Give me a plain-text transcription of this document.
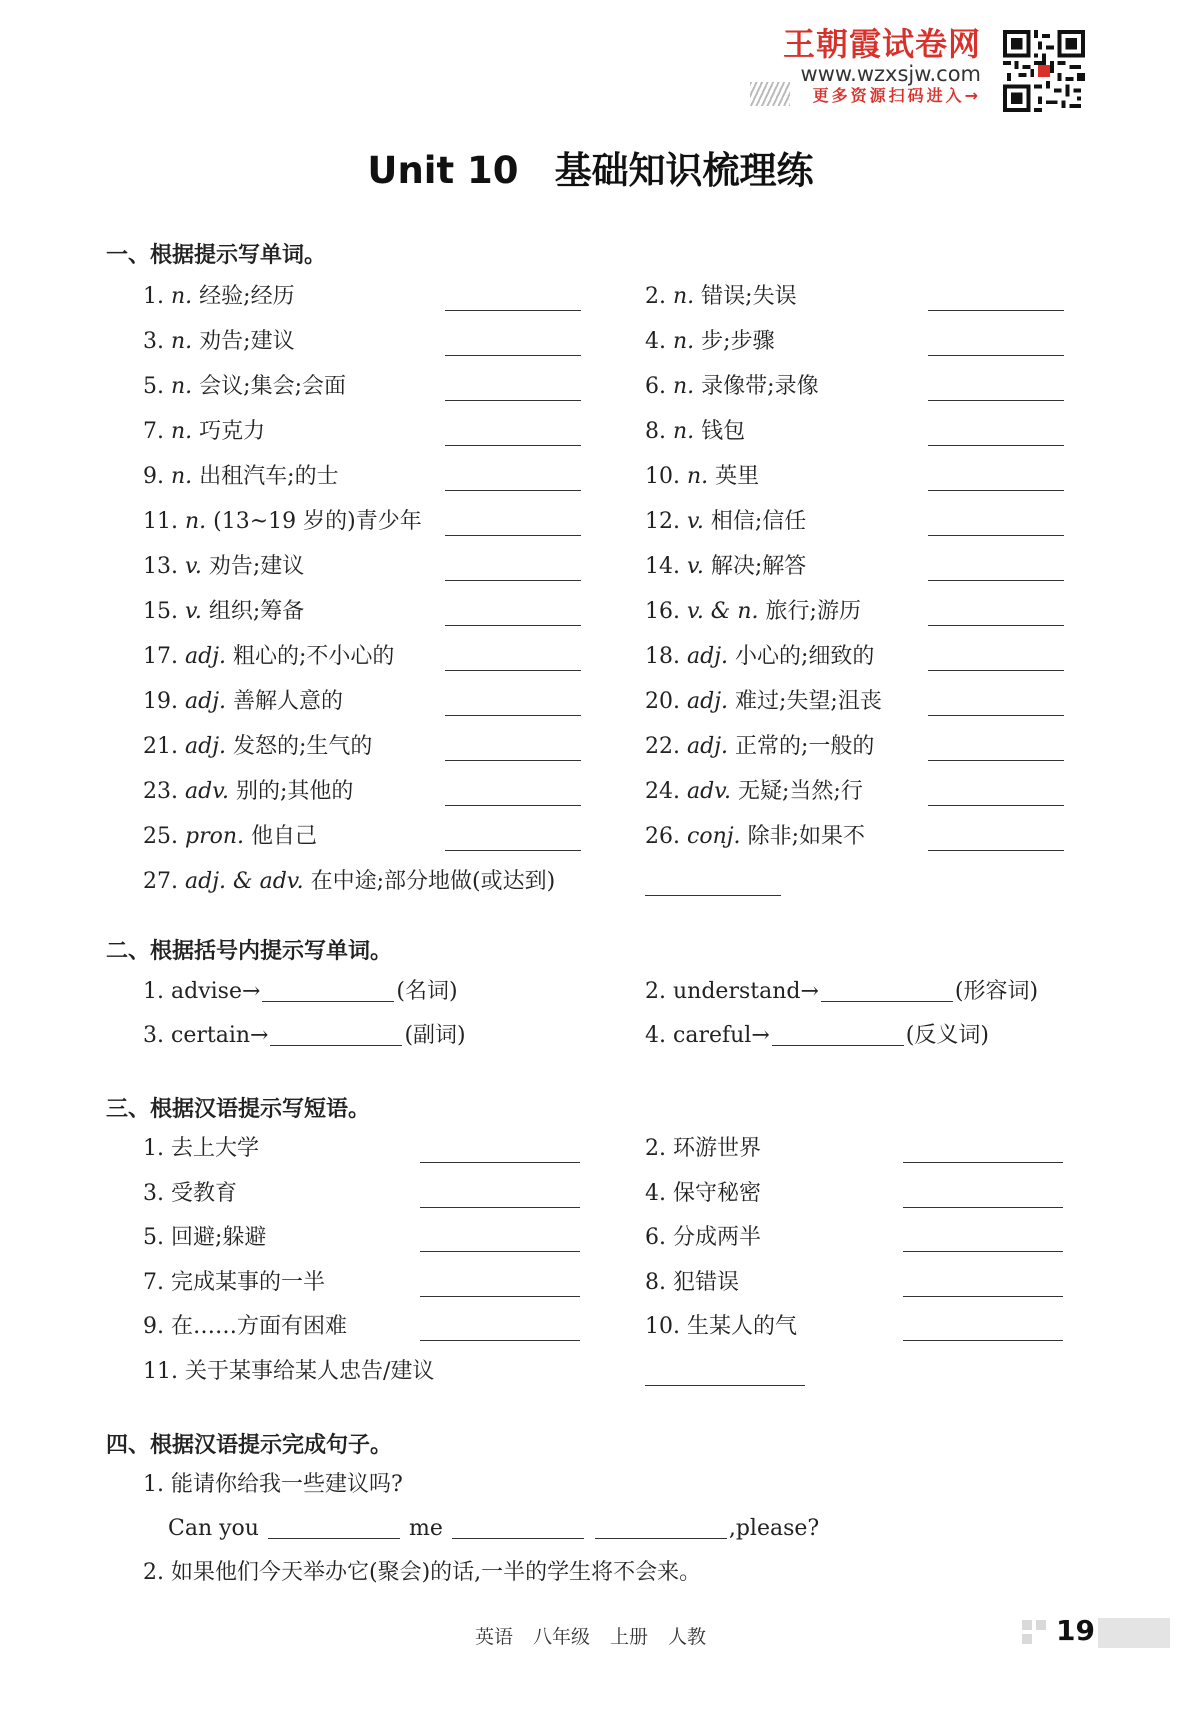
王朝霞试卷网
www.wzxsjw.com
更多资源扫码进入→
Unit 10 基础知识梳理练
一、根据提示写单词。
1. n. 经验;经历	2. n. 错误;失误
3. n. 劝告;建议	4. n. 步;步骤
5. n. 会议;集会;会面	6. n. 录像带;录像
7. n. 巧克力	8. n. 钱包
9. n. 出租汽车;的士	10. n. 英里
11. n. (13~19 岁的)青少年	12. v. 相信;信任
13. v. 劝告;建议	14. v. 解决;解答
15. v. 组织;筹备	16. v. & n. 旅行;游历
17. adj. 粗心的;不小心的	18. adj. 小心的;细致的
19. adj. 善解人意的	20. adj. 难过;失望;沮丧
21. adj. 发怒的;生气的	22. adj. 正常的;一般的
23. adv. 别的;其他的	24. adv. 无疑;当然;行
25. pron. 他自己	26. conj. 除非;如果不
27. adj. & adv. 在中途;部分地做(或达到)
二、根据括号内提示写单词。
1. advise→	(名词)	2. understand→	(形容词)
3. certain→	(副词)	4. careful→	(反义词)
三、根据汉语提示写短语。
1. 去上大学	2. 环游世界
3. 受教育	4. 保守秘密
5. 回避;躲避	6. 分成两半
7. 完成某事的一半	8. 犯错误
9. 在……方面有困难	10. 生某人的气
11. 关于某事给某人忠告/建议
四、根据汉语提示完成句子。
1. 能请你给我一些建议吗?
Can you	me	,please?
2. 如果他们今天举办它(聚会)的话,一半的学生将不会来。
英语 八年级 上册 人教	19
